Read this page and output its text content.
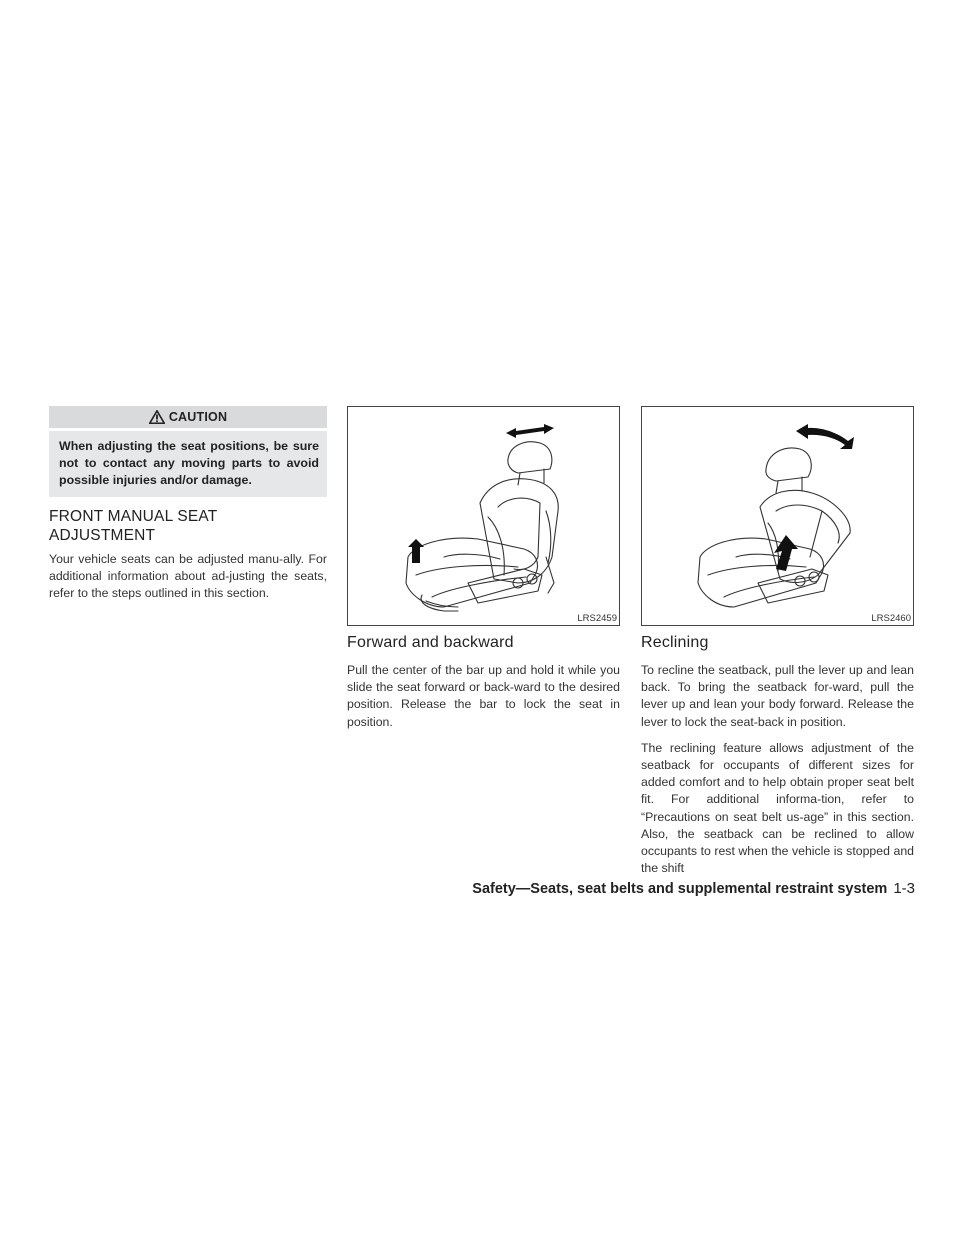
CAUTION
When adjusting the seat positions, be sure not to contact any moving parts to avoid possible injuries and/or damage.
FRONT MANUAL SEAT
ADJUSTMENT

Your vehicle seats can be adjusted manu-ally. For additional information about ad-justing the seats, refer to the steps outlined in this section.

LRS2459
Forward and backward

Pull the center of the bar up and hold it while you slide the seat forward or back-ward to the desired position. Release the bar to lock the seat in position.

LRS2460
Reclining

To recline the seatback, pull the lever up and lean back. To bring the seatback for-ward, pull the lever up and lean your body forward. Release the lever to lock the seat-back in position.

The reclining feature allows adjustment of the seatback for occupants of different sizes for added comfort and to help obtain proper seat belt fit. For additional informa-tion, refer to “Precautions on seat belt us-age” in this section. Also, the seatback can be reclined to allow occupants to rest when the vehicle is stopped and the shift

Safety—Seats, seat belts and supplemental restraint system 1-3
